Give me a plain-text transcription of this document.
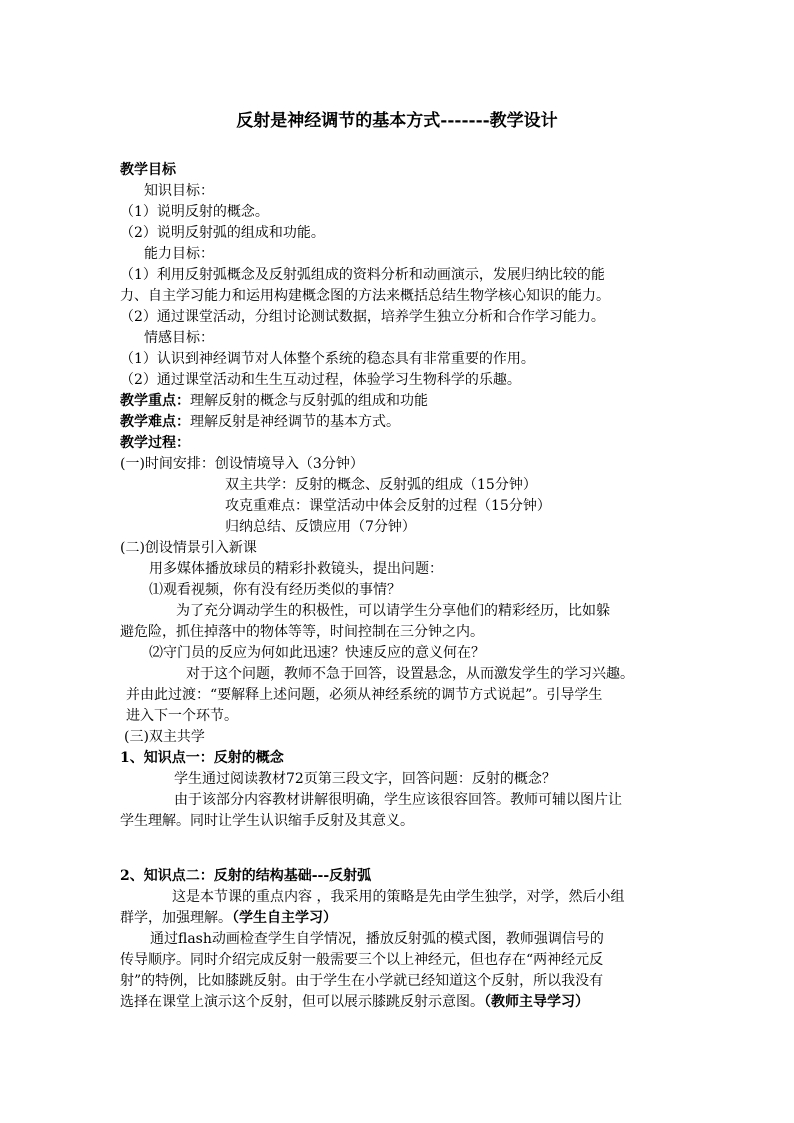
反射是神经调节的基本方式-------教学设计
教学目标
知识目标：
（1）说明反射的概念。
（2）说明反射弧的组成和功能。
能力目标：
（1）利用反射弧概念及反射弧组成的资料分析和动画演示，发展归纳比较的能
力、自主学习能力和运用构建概念图的方法来概括总结生物学核心知识的能力。
（2）通过课堂活动，分组讨论测试数据，培养学生独立分析和合作学习能力。
情感目标：
（1）认识到神经调节对人体整个系统的稳态具有非常重要的作用。
（2）通过课堂活动和生生互动过程，体验学习生物科学的乐趣。
教学重点：理解反射的概念与反射弧的组成和功能
教学难点：理解反射是神经调节的基本方式。
教学过程：
(一)时间安排：创设情境导入（3分钟）
双主共学：反射的概念、反射弧的组成（15分钟）
攻克重难点：课堂活动中体会反射的过程（15分钟）
归纳总结、反馈应用（7分钟）
(二)创设情景引入新课
用多媒体播放球员的精彩扑救镜头，提出问题：
⑴观看视频，你有没有经历类似的事情？
为了充分调动学生的积极性，可以请学生分享他们的精彩经历，比如躲
避危险，抓住掉落中的物体等等，时间控制在三分钟之内。
⑵守门员的反应为何如此迅速？快速反应的意义何在？
对于这个问题，教师不急于回答，设置悬念，从而激发学生的学习兴趣。
并由此过渡：“要解释上述问题，必须从神经系统的调节方式说起”。引导学生
进入下一个环节。
(三)双主共学
1、知识点一：反射的概念
学生通过阅读教材72页第三段文字，回答问题：反射的概念？
由于该部分内容教材讲解很明确，学生应该很容回答。教师可辅以图片让
学生理解。同时让学生认识缩手反射及其意义。
2、知识点二：反射的结构基础---反射弧
这是本节课的重点内容 ，我采用的策略是先由学生独学，对学，然后小组
群学，加强理解。（学生自主学习）
通过flash动画检查学生自学情况，播放反射弧的模式图，教师强调信号的
传导顺序。同时介绍完成反射一般需要三个以上神经元，但也存在“两神经元反
射”的特例，比如膝跳反射。由于学生在小学就已经知道这个反射，所以我没有
选择在课堂上演示这个反射，但可以展示膝跳反射示意图。（教师主导学习）
